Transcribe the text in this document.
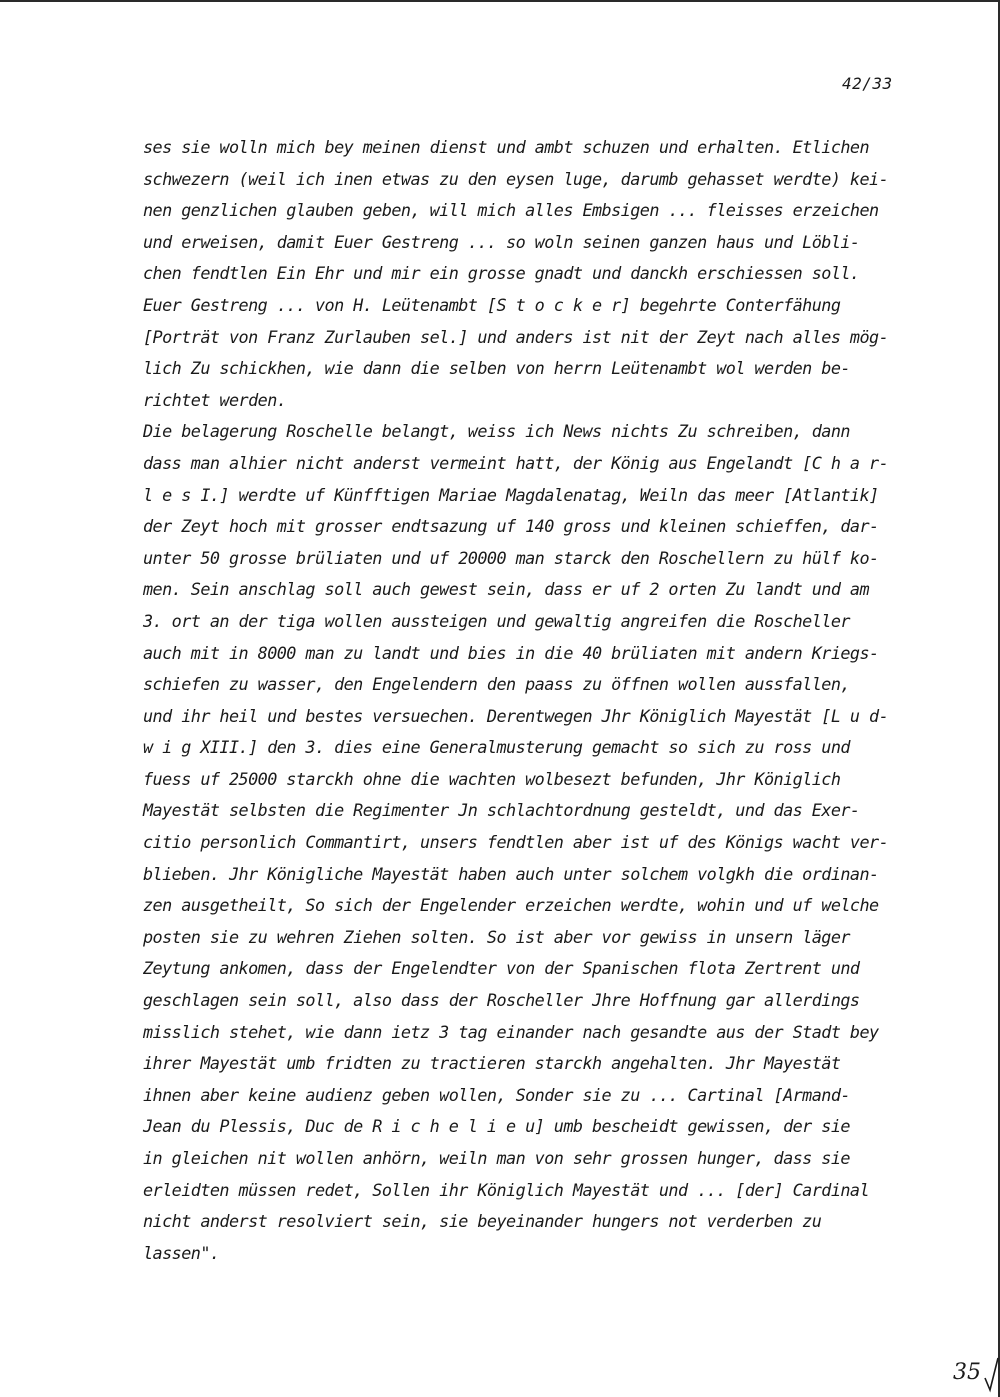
42/33
ses sie wolln mich bey meinen dienst und ambt schuzen und erhalten. Etlichen
schwezern (weil ich inen etwas zu den eysen luge, darumb gehasset werdte) kei-
nen genzlichen glauben geben, will mich alles Embsigen ... fleisses erzeichen
und erweisen, damit Euer Gestreng ... so woln seinen ganzen haus und Löbli-
chen fendtlen Ein Ehr und mir ein grosse gnadt und danckh erschiessen soll.
Euer Gestreng ... von H. Leütenambt [S t o c k e r] begehrte Conterfähung
[Porträt von Franz Zurlauben sel.] und anders ist nit der Zeyt nach alles mög-
lich Zu schickhen, wie dann die selben von herrn Leütenambt wol werden be-
richtet werden.
Die belagerung Roschelle belangt, weiss ich News nichts Zu schreiben, dann
dass man alhier nicht anderst vermeint hatt, der König aus Engelandt [C h a r-
l e s I.] werdte uf Künfftigen Mariae Magdalenatag, Weiln das meer [Atlantik]
der Zeyt hoch mit grosser endtsazung uf 140 gross und kleinen schieffen, dar-
unter 50 grosse brüliaten und uf 20000 man starck den Roschellern zu hülf ko-
men. Sein anschlag soll auch gewest sein, dass er uf 2 orten Zu landt und am
3. ort an der tiga wollen aussteigen und gewaltig angreifen die Roscheller
auch mit in 8000 man zu landt und bies in die 40 brüliaten mit andern Kriegs-
schiefen zu wasser, den Engelendern den paass zu öffnen wollen aussfallen,
und ihr heil und bestes versuechen. Derentwegen Jhr Königlich Mayestät [L u d-
w i g XIII.] den 3. dies eine Generalmusterung gemacht so sich zu ross und
fuess uf 25000 starckh ohne die wachten wolbesezt befunden, Jhr Königlich
Mayestät selbsten die Regimenter Jn schlachtordnung gesteldt, und das Exer-
citio personlich Commantirt, unsers fendtlen aber ist uf des Königs wacht ver-
blieben. Jhr Königliche Mayestät haben auch unter solchem volgkh die ordinan-
zen ausgetheilt, So sich der Engelender erzeichen werdte, wohin und uf welche
posten sie zu wehren Ziehen solten. So ist aber vor gewiss in unsern läger
Zeytung ankomen, dass der Engelendter von der Spanischen flota Zertrent und
geschlagen sein soll, also dass der Roscheller Jhre Hoffnung gar allerdings
misslich stehet, wie dann ietz 3 tag einander nach gesandte aus der Stadt bey
ihrer Mayestät umb fridten zu tractieren starckh angehalten. Jhr Mayestät
ihnen aber keine audienz geben wollen, Sonder sie zu ... Cartinal [Armand-
Jean du Plessis, Duc de R i c h e l i e u] umb bescheidt gewissen, der sie
in gleichen nit wollen anhörn, weiln man von sehr grossen hunger, dass sie
erleidten müssen redet, Sollen ihr Königlich Mayestät und ... [der] Cardinal
nicht anderst resolviert sein, sie beyeinander hungers not verderben zu
lassen".
35
